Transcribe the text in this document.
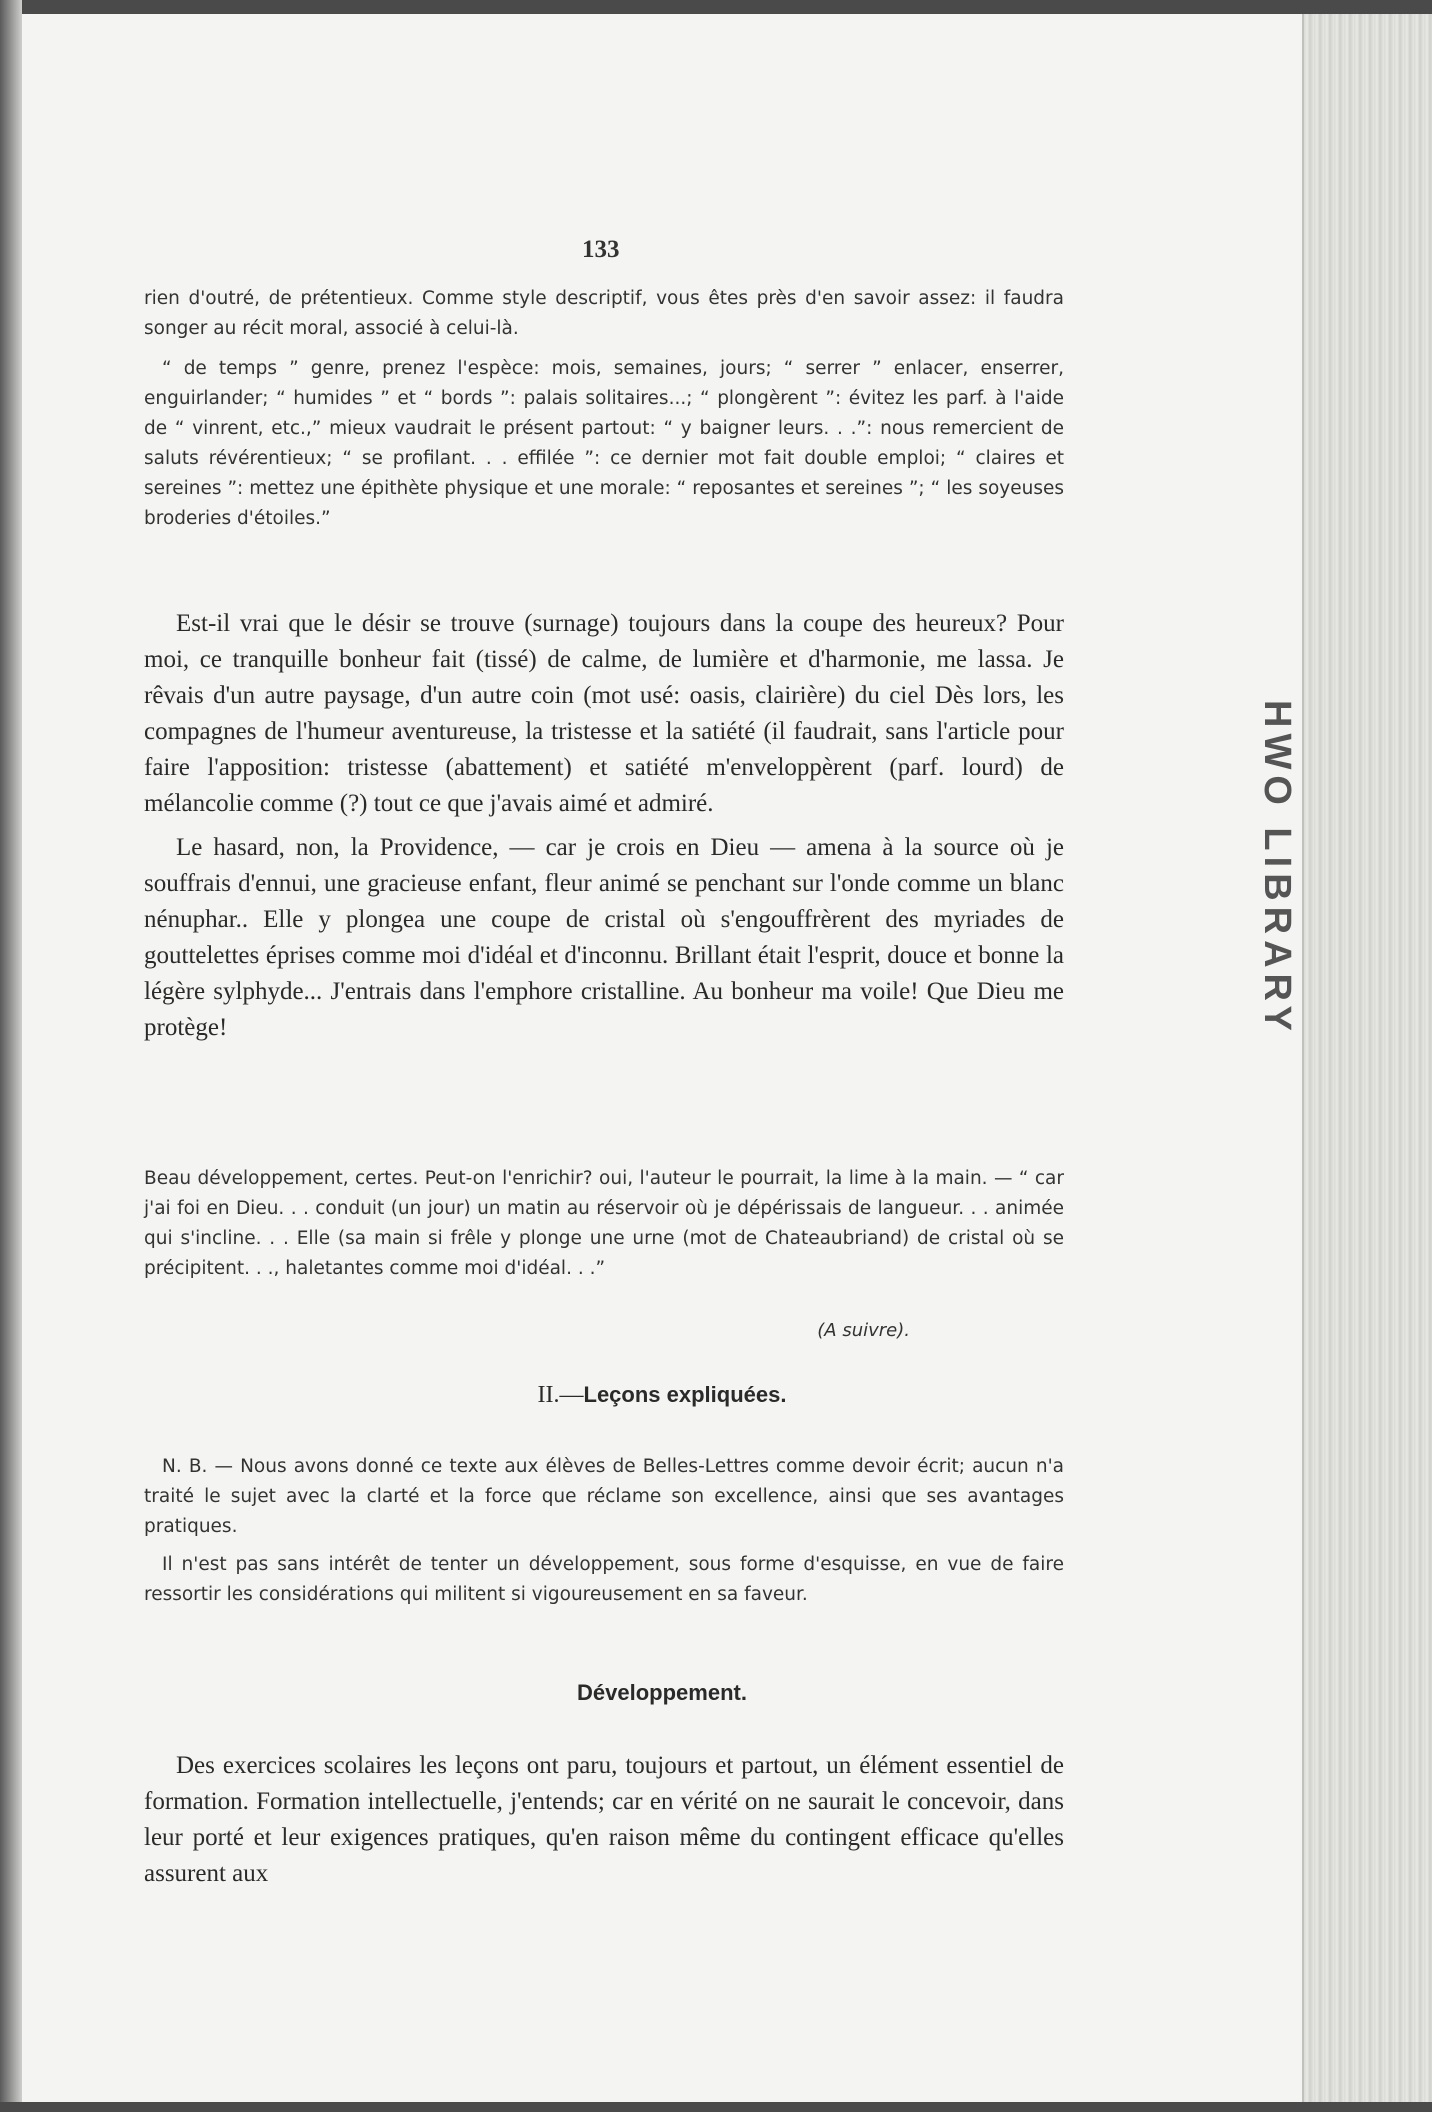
133

rien d'outré, de prétentieux. Comme style descriptif, vous êtes près d'en savoir assez: il faudra songer au récit moral, associé à celui-là.

“ de temps ” genre, prenez l'espèce: mois, semaines, jours; “ serrer ” enlacer, enserrer, enguirlander; “ humides ” et “ bords ”: palais solitaires...; “ plongèrent ”: évitez les parf. à l'aide de “ vinrent, etc.,” mieux vaudrait le présent partout: “ y baigner leurs. . .”: nous remercient de saluts révérentieux; “ se profilant. . . effilée ”: ce dernier mot fait double emploi; “ claires et sereines ”: mettez une épithète physique et une morale: “ reposantes et sereines ”; “ les soyeuses broderies d'étoiles.”

Est-il vrai que le désir se trouve (surnage) toujours dans la coupe des heureux? Pour moi, ce tranquille bonheur fait (tissé) de calme, de lumière et d'harmonie, me lassa. Je rêvais d'un autre paysage, d'un autre coin (mot usé: oasis, clairière) du ciel Dès lors, les compagnes de l'humeur aventureuse, la tristesse et la satiété (il faudrait, sans l'article pour faire l'apposition: tristesse (abattement) et satiété m'enveloppèrent (parf. lourd) de mélancolie comme (?) tout ce que j'avais aimé et admiré.

Le hasard, non, la Providence, — car je crois en Dieu — amena à la source où je souffrais d'ennui, une gracieuse enfant, fleur animé se penchant sur l'onde comme un blanc nénuphar.. Elle y plongea une coupe de cristal où s'engouffrèrent des myriades de gouttelettes éprises comme moi d'idéal et d'inconnu. Brillant était l'esprit, douce et bonne la légère sylphyde... J'entrais dans l'emphore cristalline. Au bonheur ma voile! Que Dieu me protège!

Beau développement, certes. Peut-on l'enrichir? oui, l'auteur le pourrait, la lime à la main. — “ car j'ai foi en Dieu. . . conduit (un jour) un matin au réservoir où je dépérissais de langueur. . . animée qui s'incline. . . Elle (sa main si frêle y plonge une urne (mot de Chateaubriand) de cristal où se précipitent. . ., haletantes comme moi d'idéal. . .”

(A suivre).
II.—Leçons expliquées.

N. B. — Nous avons donné ce texte aux élèves de Belles-Lettres comme devoir écrit; aucun n'a traité le sujet avec la clarté et la force que réclame son excellence, ainsi que ses avantages pratiques.

Il n'est pas sans intérêt de tenter un développement, sous forme d'esquisse, en vue de faire ressortir les considérations qui militent si vigoureusement en sa faveur.

Développement.

Des exercices scolaires les leçons ont paru, toujours et partout, un élément essentiel de formation. Formation intellectuelle, j'entends; car en vérité on ne saurait le concevoir, dans leur porté et leur exigences pratiques, qu'en raison même du contingent efficace qu'elles assurent aux

HWO LIBRARY
